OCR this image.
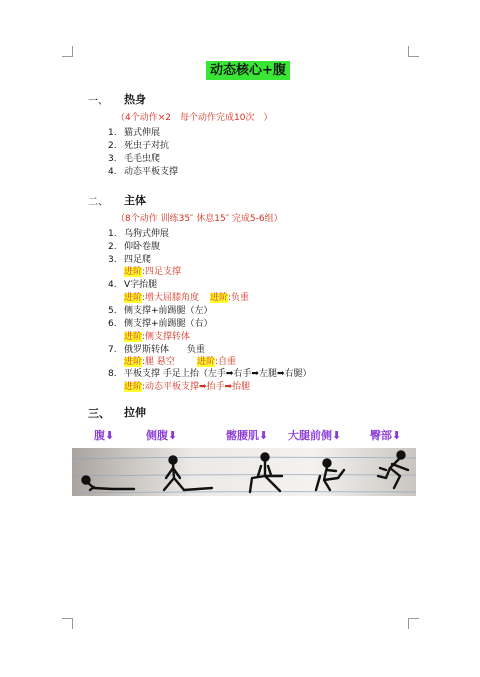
动态核心+腹
一、 热身
（4个动作×2　每个动作完成10次　）
1. 猫式伸展
2. 死虫子对抗
3. 毛毛虫爬
4. 动态平板支撑
二、 主体
（8个动作 训练35″ 休息15″ 完成5-6组）
1. 乌狗式伸展
2. 仰卧卷腹
3. 四足爬
进阶:四足支撑
4. V字抬腿
进阶:增大屈膝角度 进阶:负重
5. 侧支撑+前踢腿（左）
6. 侧支撑+前踢腿（右）
进阶:侧支撑转体
7. 俄罗斯转体　　负重
进阶:腿 悬空 进阶:自重
8. 平板支撑 手足上抬（左手➡右手➡左腿➡右腿）
进阶:动态平板支撑➡抬手➡抬腿
三、 拉伸
腹⬇	侧腹⬇	髂腰肌⬇ 大腿前侧⬇	臀部⬇
